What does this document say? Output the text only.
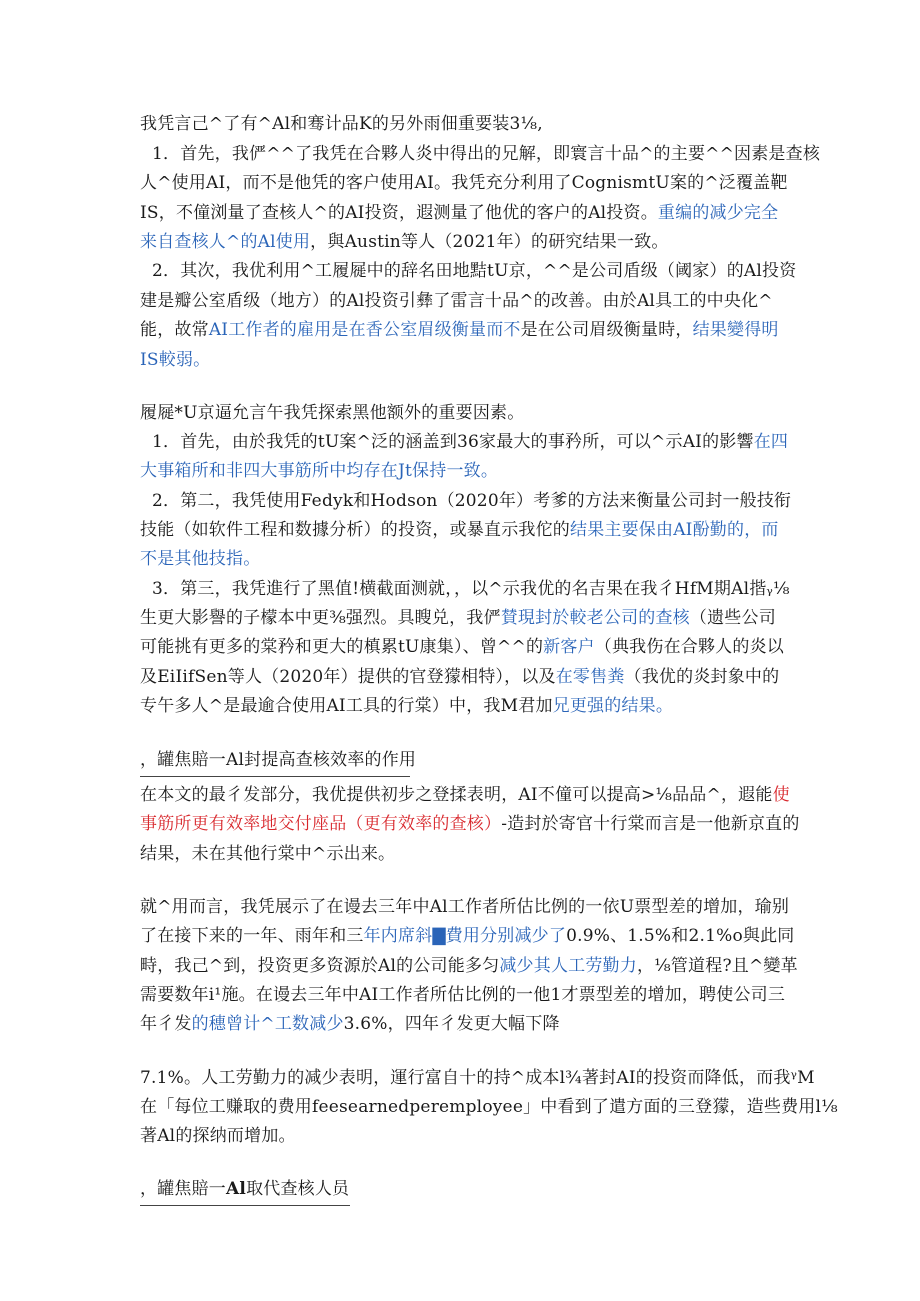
我凭言己^了有^Al和骞计品K的另外雨佃重要装3⅛,
1．首先，我俨^^了我凭在合夥人炎中得出的兄解，即寰言十品^的主要^^因素是查核
人^使用AI，而不是他凭的客户使用AI。我凭充分利用了CognismtU案的^泛覆盖靶
IS，不僮浏量了查核人^的AI投资，遐测量了他优的客户的Al投资。重编的减少完全
来自查核人^的Al使用，與Austin等人（2021年）的研究结果一致。
2．其次，我优利用^工履屣中的辞名田地黠tU京，^^是公司盾级（阈家）的Al投资
建是瓣公室盾级（地方）的Al投资引彝了雷言十品^的改善。由於Al具工的中央化^
能，故常AI工作者的雇用是在香公室眉级衡量而不是在公司眉级衡量時，结果變得明
IS較弱。
履屣*U京逼允言午我凭探索黑他额外的重要因素。
1．首先，由於我凭的tU案^泛的涵盖到36家最大的事矜所，可以^示AI的影響在四
大事箱所和非四大事筋所中均存在Jt保持一致。
2．第二，我凭使用Fedyk和Hodson（2020年）考爹的方法来衡量公司封一般技衔
技能（如软件工程和数據分析）的投资，或暴直示我佗的结果主要保由AI酚勤的，而
不是其他技指。
3．第三，我凭進行了黑值!横截面测就，，以^示我优的名吉果在我彳HfM期Al揩ᵧ⅛
生更大影譽的子檬本中更⅜强烈。具瞍兑，我俨賛現封於較老公司的查核（遗些公司
可能挑有更多的棠矜和更大的槙累tU康集）、曾^^的新客户（典我伤在合夥人的炎以
及EiIifSen等人（2020年）提供的官登獴相特），以及在零售粪（我优的炎封象中的
专午多人^是最逾合使用AI工具的行棠）中，我M君加兄更强的结果。
，罐焦賠一Al封提高查核效率的作用
在本文的最彳发部分，我优提供初步之登揉表明，AI不僮可以提高>⅛品品^，遐能使
事筋所更有效率地交付座品（更有效率的查核）-造封於寄官十行棠而言是一他新京直的
结果，未在其他行棠中^示出来。
就^用而言，我凭展示了在谩去三年中Al工作者所估比例的一依U票型差的增加，瑜别
了在接下来的一年、雨年和三年内席斜▇費用分别减少了0.9%、1.5%和2.1%o與此同
畤，我己^到，投资更多资源於Al的公司能多匀减少其人工劳勤力，⅛管道程?且^變革
需要数年i¹施。在谩去三年中AI工作者所估比例的一他1才票型差的增加，聘使公司三
年彳发的穗曾计^工数减少3.6%，四年彳发更大幅下降
7.1%。人工劳勤力的减少表明，運行富自十的持^成本l¾著封AI的投资而降低，而我ᵞM
在「每位工赚取的费用feesearnedperemployee」中看到了遣方面的三登獴，造些费用l⅛
著Al的探纳而增加。
，罐焦賠一Al取代查核人员
